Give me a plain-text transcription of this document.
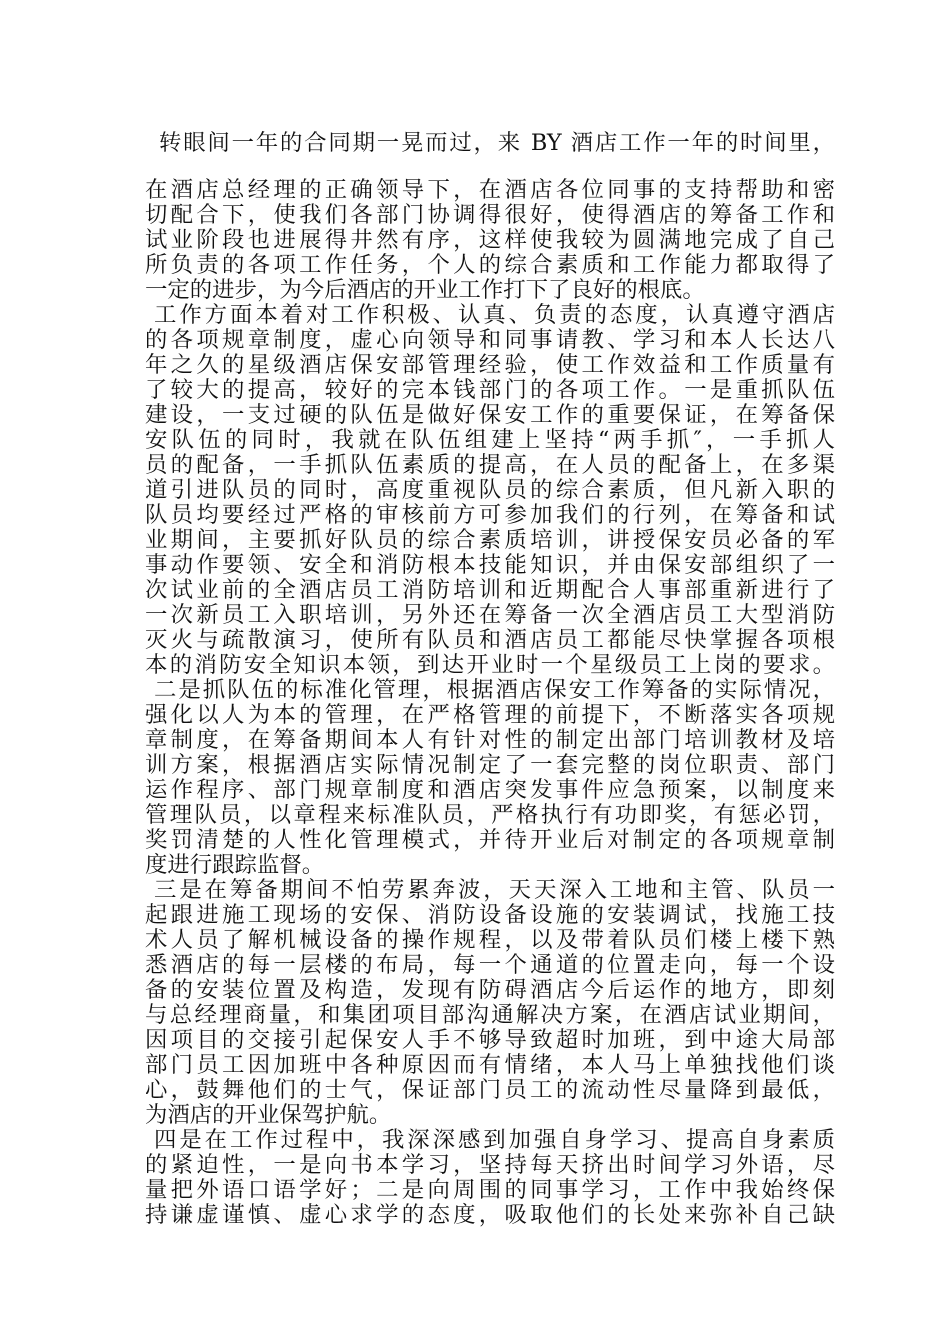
转眼间一年的合同期一晃而过，来 BY 酒店工作一年的时间里，
在酒店总经理的正确领导下，在酒店各位同事的支持帮助和密
切配合下，使我们各部门协调得很好，使得酒店的筹备工作和
试业阶段也进展得井然有序，这样使我较为圆满地完成了自己
所负责的各项工作任务，个人的综合素质和工作能力都取得了
一定的进步，为今后酒店的开业工作打下了良好的根底。
工作方面本着对工作积极、认真、负责的态度，认真遵守酒店
的各项规章制度，虚心向领导和同事请教、学习和本人长达八
年之久的星级酒店保安部管理经验，使工作效益和工作质量有
了较大的提高，较好的完本钱部门的各项工作。一是重抓队伍
建设，一支过硬的队伍是做好保安工作的重要保证，在筹备保
安队伍的同时，我就在队伍组建上坚持“两手抓″，一手抓人
员的配备，一手抓队伍素质的提高，在人员的配备上，在多渠
道引进队员的同时，高度重视队员的综合素质，但凡新入职的
队员均要经过严格的审核前方可参加我们的行列，在筹备和试
业期间，主要抓好队员的综合素质培训，讲授保安员必备的军
事动作要领、安全和消防根本技能知识，并由保安部组织了一
次试业前的全酒店员工消防培训和近期配合人事部重新进行了
一次新员工入职培训，另外还在筹备一次全酒店员工大型消防
灭火与疏散演习，使所有队员和酒店员工都能尽快掌握各项根
本的消防安全知识本领，到达开业时一个星级员工上岗的要求。
二是抓队伍的标准化管理，根据酒店保安工作筹备的实际情况，
强化以人为本的管理，在严格管理的前提下，不断落实各项规
章制度，在筹备期间本人有针对性的制定出部门培训教材及培
训方案，根据酒店实际情况制定了一套完整的岗位职责、部门
运作程序、部门规章制度和酒店突发事件应急预案，以制度来
管理队员，以章程来标准队员，严格执行有功即奖，有惩必罚，
奖罚清楚的人性化管理模式，并待开业后对制定的各项规章制
度进行跟踪监督。
三是在筹备期间不怕劳累奔波，天天深入工地和主管、队员一
起跟进施工现场的安保、消防设备设施的安装调试，找施工技
术人员了解机械设备的操作规程，以及带着队员们楼上楼下熟
悉酒店的每一层楼的布局，每一个通道的位置走向，每一个设
备的安装位置及构造，发现有防碍酒店今后运作的地方，即刻
与总经理商量，和集团项目部沟通解决方案，在酒店试业期间，
因项目的交接引起保安人手不够导致超时加班，到中途大局部
部门员工因加班中各种原因而有情绪，本人马上单独找他们谈
心，鼓舞他们的士气，保证部门员工的流动性尽量降到最低，
为酒店的开业保驾护航。
四是在工作过程中，我深深感到加强自身学习、提高自身素质
的紧迫性，一是向书本学习，坚持每天挤出时间学习外语，尽
量把外语口语学好；二是向周围的同事学习，工作中我始终保
持谦虚谨慎、虚心求学的态度，吸取他们的长处来弥补自己缺
